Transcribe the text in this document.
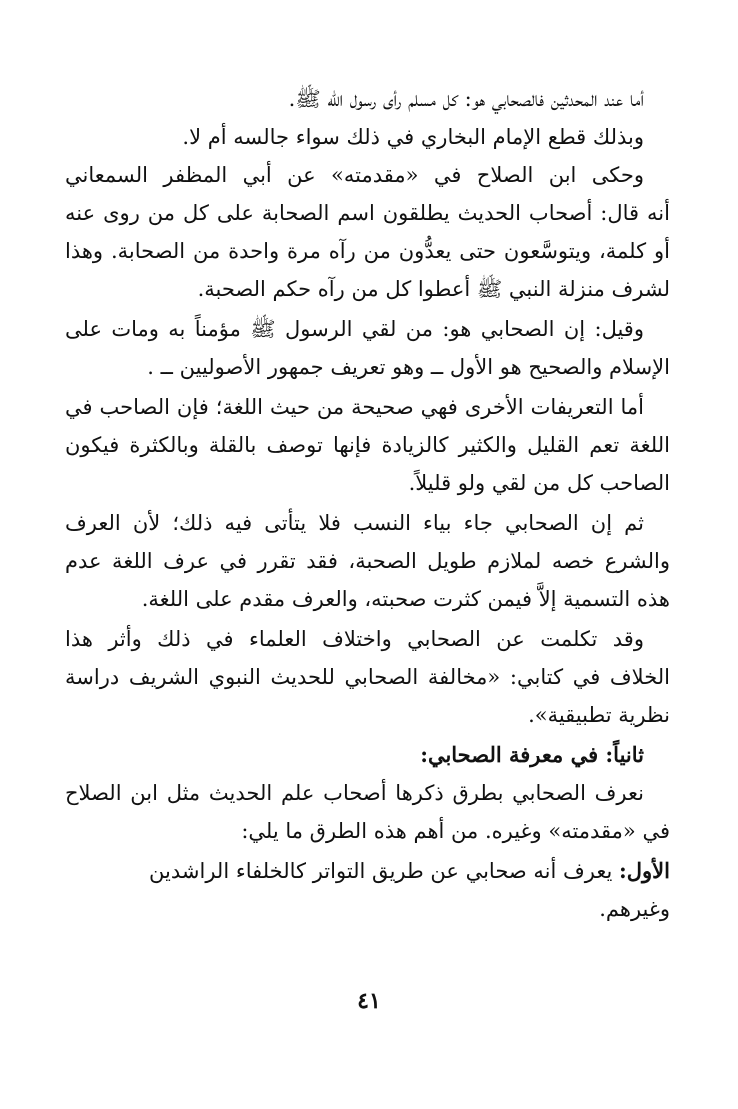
أما عند المحدثين فالصحابي هو: كل مسلم رأى رسول الله ﷺ.
وبذلك قطع الإمام البخاري في ذلك سواء جالسه أم لا.
وحكى ابن الصلاح في «مقدمته» عن أبي المظفر السمعاني
أنه قال: أصحاب الحديث يطلقون اسم الصحابة على كل من روى عنه
أو كلمة، ويتوسَّعون حتى يعدُّون من رآه مرة واحدة من الصحابة. وهذا
لشرف منزلة النبي ﷺ أعطوا كل من رآه حكم الصحبة.
وقيل: إن الصحابي هو: من لقي الرسول ﷺ مؤمناً به ومات على
الإسلام والصحيح هو الأول ــ وهو تعريف جمهور الأصوليين ــ .
أما التعريفات الأخرى فهي صحيحة من حيث اللغة؛ فإن الصاحب في
اللغة تعم القليل والكثير كالزيادة فإنها توصف بالقلة وبالكثرة فيكون
الصاحب كل من لقي ولو قليلاً.
ثم إن الصحابي جاء بياء النسب فلا يتأتى فيه ذلك؛ لأن العرف
والشرع خصه لملازم طويل الصحبة، فقد تقرر في عرف اللغة عدم
هذه التسمية إلاَّ فيمن كثرت صحبته، والعرف مقدم على اللغة.
وقد تكلمت عن الصحابي واختلاف العلماء في ذلك وأثر هذا
الخلاف في كتابي: «مخالفة الصحابي للحديث النبوي الشريف دراسة
نظرية تطبيقية».
ثانياً: في معرفة الصحابي:
نعرف الصحابي بطرق ذكرها أصحاب علم الحديث مثل ابن الصلاح
في «مقدمته» وغيره. من أهم هذه الطرق ما يلي:
الأول: يعرف أنه صحابي عن طريق التواتر كالخلفاء الراشدين
وغيرهم.
٤١
